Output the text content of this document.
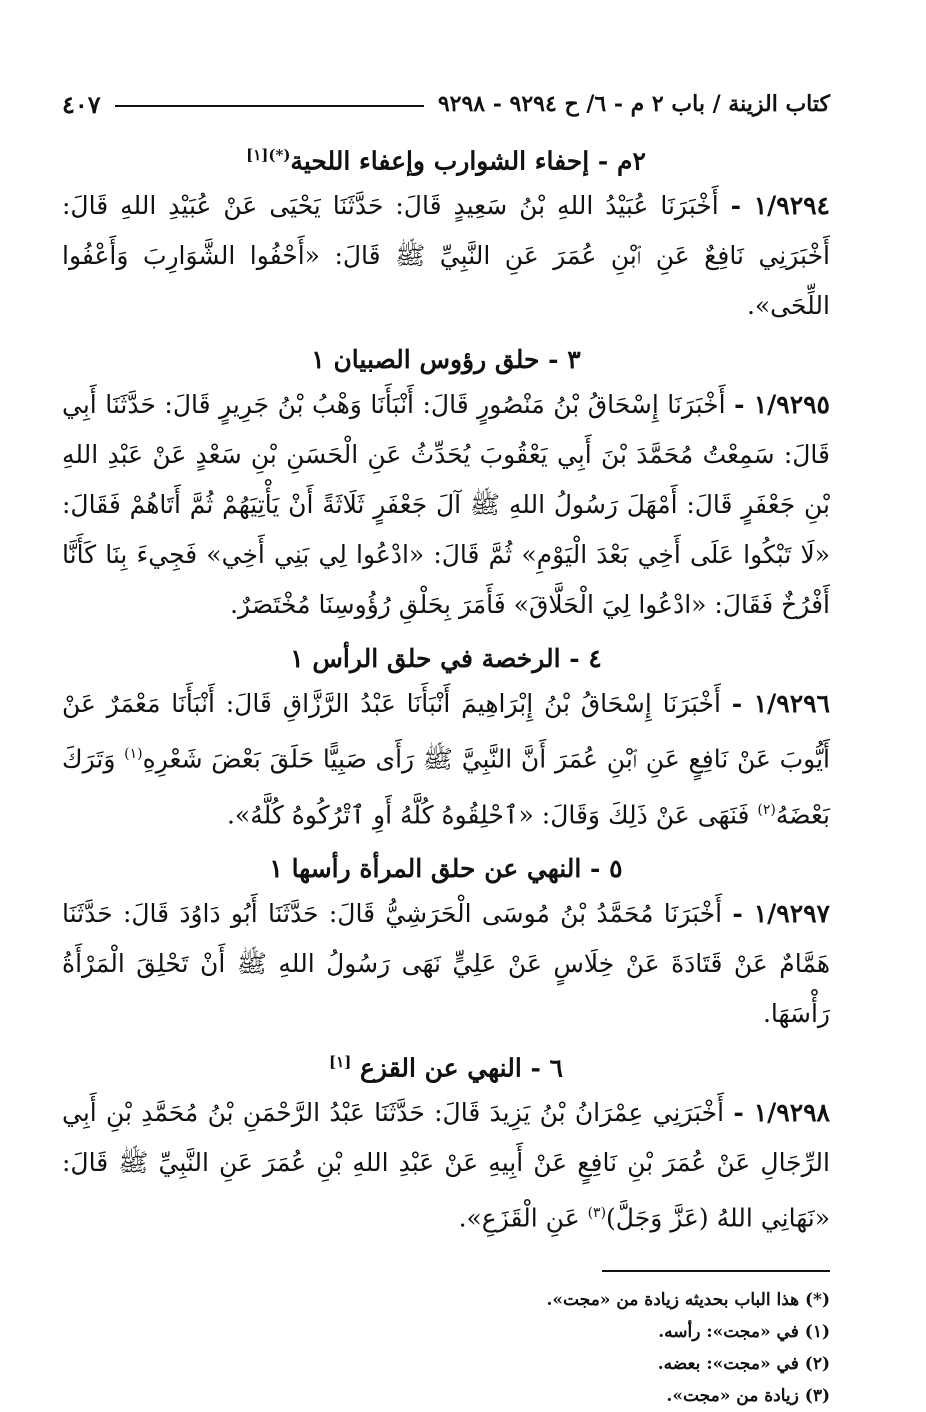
كتاب الزينة / باب ٢ م - ٦/ ح ٩٢٩٤ - ٩٢٩٨
٤٠٧
٢م - إحفاء الشوارب وإعفاء اللحية$^{(*)[١]}$

١/٩٢٩٤ - أَخْبَرَنَا عُبَيْدُ اللهِ بْنُ سَعِيدٍ قَالَ: حَدَّثَنَا يَحْيَى عَنْ عُبَيْدِ اللهِ قَالَ: أَخْبَرَنِي نَافِعٌ عَنِ ٱبْنِ عُمَرَ عَنِ النَّبِيِّ ﷺ قَالَ: «أَحْفُوا الشَّوَارِبَ وَأَعْفُوا اللِّحَى».

٣ - حلق رؤوس الصبيان ١

١/٩٢٩٥ - أَخْبَرَنَا إِسْحَاقُ بْنُ مَنْصُورٍ قَالَ: أَنْبَأَنَا وَهْبُ بْنُ جَرِيرٍ قَالَ: حَدَّثَنَا أَبِي قَالَ: سَمِعْتُ مُحَمَّدَ بْنَ أَبِي يَعْقُوبَ يُحَدِّثُ عَنِ الْحَسَنِ بْنِ سَعْدٍ عَنْ عَبْدِ اللهِ بْنِ جَعْفَرٍ قَالَ: أَمْهَلَ رَسُولُ اللهِ ﷺ آلَ جَعْفَرٍ ثَلَاثَةً أَنْ يَأْتِيَهُمْ ثُمَّ أَتَاهُمْ فَقَالَ: «لَا تَبْكُوا عَلَى أَخِي بَعْدَ الْيَوْمِ» ثُمَّ قَالَ: «ادْعُوا لِي بَنِي أَخِي» فَجِيءَ بِنَا كَأَنَّا أَفْرُخٌ فَقَالَ: «ادْعُوا لِيَ الْحَلَّاقَ» فَأَمَرَ بِحَلْقِ رُؤُوسِنَا مُخْتَصَرٌ.

٤ - الرخصة في حلق الرأس ١

١/٩٢٩٦ - أَخْبَرَنَا إِسْحَاقُ بْنُ إِبْرَاهِيمَ أَنْبَأَنَا عَبْدُ الرَّزَّاقِ قَالَ: أَنْبَأَنَا مَعْمَرٌ عَنْ أَيُّوبَ عَنْ نَافِعٍ عَنِ ٱبْنِ عُمَرَ أَنَّ النَّبِيَّ ﷺ رَأَى صَبِيًّا حَلَقَ بَعْضَ شَعْرِهِ$^{(١)}$ وَتَرَكَ بَعْضَهُ$^{(٢)}$ فَنَهَى عَنْ ذَلِكَ وَقَالَ: «ٱحْلِقُوهُ كُلَّهُ أَوِ ٱتْرُكُوهُ كُلَّهُ».

٥ - النهي عن حلق المرأة رأسها ١

١/٩٢٩٧ - أَخْبَرَنَا مُحَمَّدُ بْنُ مُوسَى الْحَرَشِيُّ قَالَ: حَدَّثَنَا أَبُو دَاوُدَ قَالَ: حَدَّثَنَا هَمَّامٌ عَنْ قَتَادَةَ عَنْ خِلَاسٍ عَنْ عَلِيٍّ نَهَى رَسُولُ اللهِ ﷺ أَنْ تَحْلِقَ الْمَرْأَةُ رَأْسَهَا.

٦ - النهي عن القزع [١]

١/٩٢٩٨ - أَخْبَرَنِي عِمْرَانُ بْنُ يَزِيدَ قَالَ: حَدَّثَنَا عَبْدُ الرَّحْمَنِ بْنُ مُحَمَّدِ بْنِ أَبِي الرِّجَالِ عَنْ عُمَرَ بْنِ نَافِعٍ عَنْ أَبِيهِ عَنْ عَبْدِ اللهِ بْنِ عُمَرَ عَنِ النَّبِيِّ ﷺ قَالَ: «نَهَانِي اللهُ (عَزَّ وَجَلَّ)$^{(٣)}$ عَنِ الْقَزَعِ».

(*) هذا الباب بحديثه زيادة من «مجت».

(١) في «مجت»: رأسه.

(٢) في «مجت»: بعضه.

(٣) زيادة من «مجت».
